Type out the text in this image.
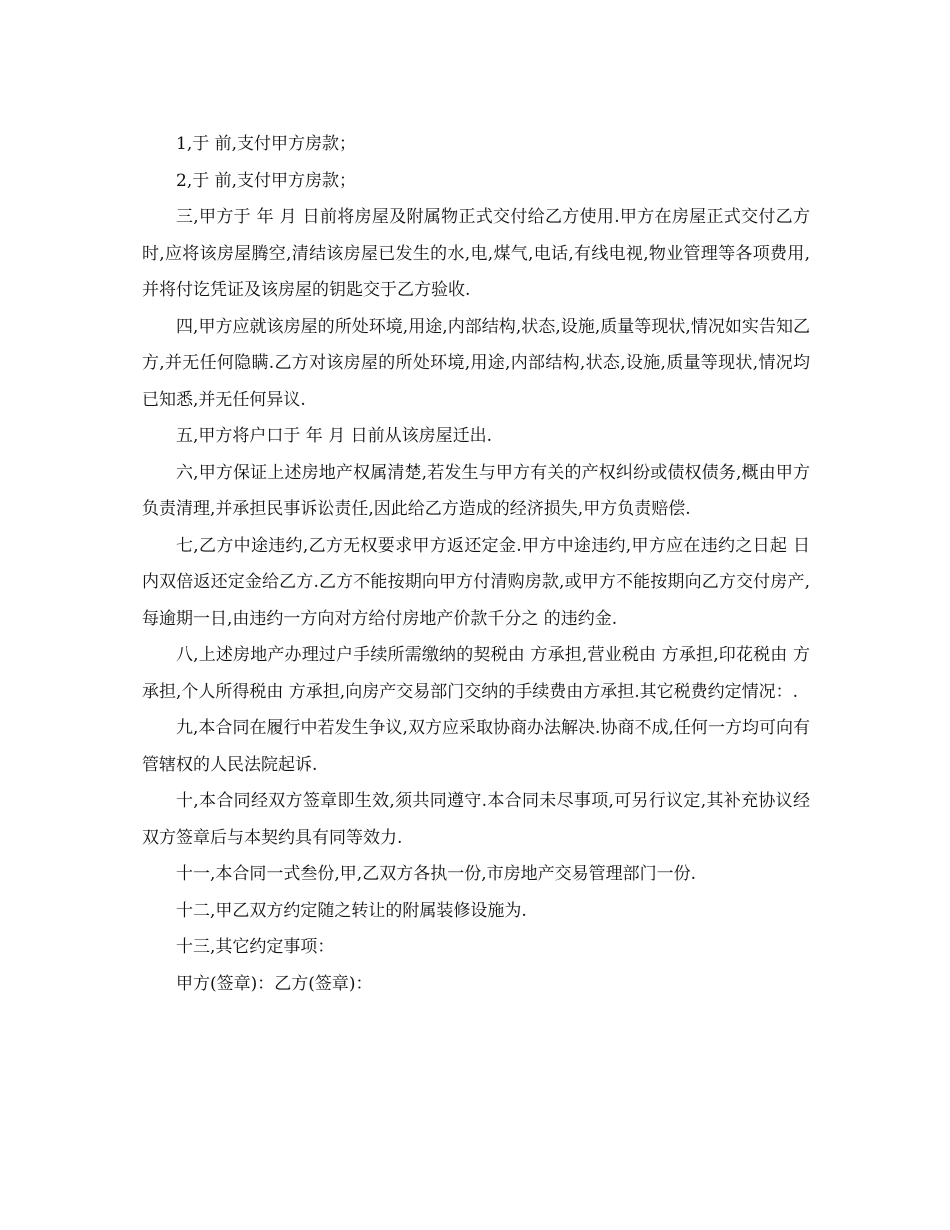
1,于 前,支付甲方房款；

2,于 前,支付甲方房款；

三,甲方于 年 月 日前将房屋及附属物正式交付给乙方使用.甲方在房屋正式交付乙方时,应将该房屋腾空,清结该房屋已发生的水,电,煤气,电话,有线电视,物业管理等各项费用,并将付讫凭证及该房屋的钥匙交于乙方验收.

四,甲方应就该房屋的所处环境,用途,内部结构,状态,设施,质量等现状,情况如实告知乙方,并无任何隐瞒.乙方对该房屋的所处环境,用途,内部结构,状态,设施,质量等现状,情况均已知悉,并无任何异议.

五,甲方将户口于 年 月 日前从该房屋迁出.

六,甲方保证上述房地产权属清楚,若发生与甲方有关的产权纠纷或债权债务,概由甲方负责清理,并承担民事诉讼责任,因此给乙方造成的经济损失,甲方负责赔偿.

七,乙方中途违约,乙方无权要求甲方返还定金.甲方中途违约,甲方应在违约之日起 日内双倍返还定金给乙方.乙方不能按期向甲方付清购房款,或甲方不能按期向乙方交付房产,每逾期一日,由违约一方向对方给付房地产价款千分之 的违约金.

八,上述房地产办理过户手续所需缴纳的契税由 方承担,营业税由 方承担,印花税由 方承担,个人所得税由 方承担,向房产交易部门交纳的手续费由方承担.其它税费约定情况：.

九,本合同在履行中若发生争议,双方应采取协商办法解决.协商不成,任何一方均可向有管辖权的人民法院起诉.

十,本合同经双方签章即生效,须共同遵守.本合同未尽事项,可另行议定,其补充协议经双方签章后与本契约具有同等效力.

十一,本合同一式叁份,甲,乙双方各执一份,市房地产交易管理部门一份.

十二,甲乙双方约定随之转让的附属装修设施为.

十三,其它约定事项：

甲方(签章)：乙方(签章)：
